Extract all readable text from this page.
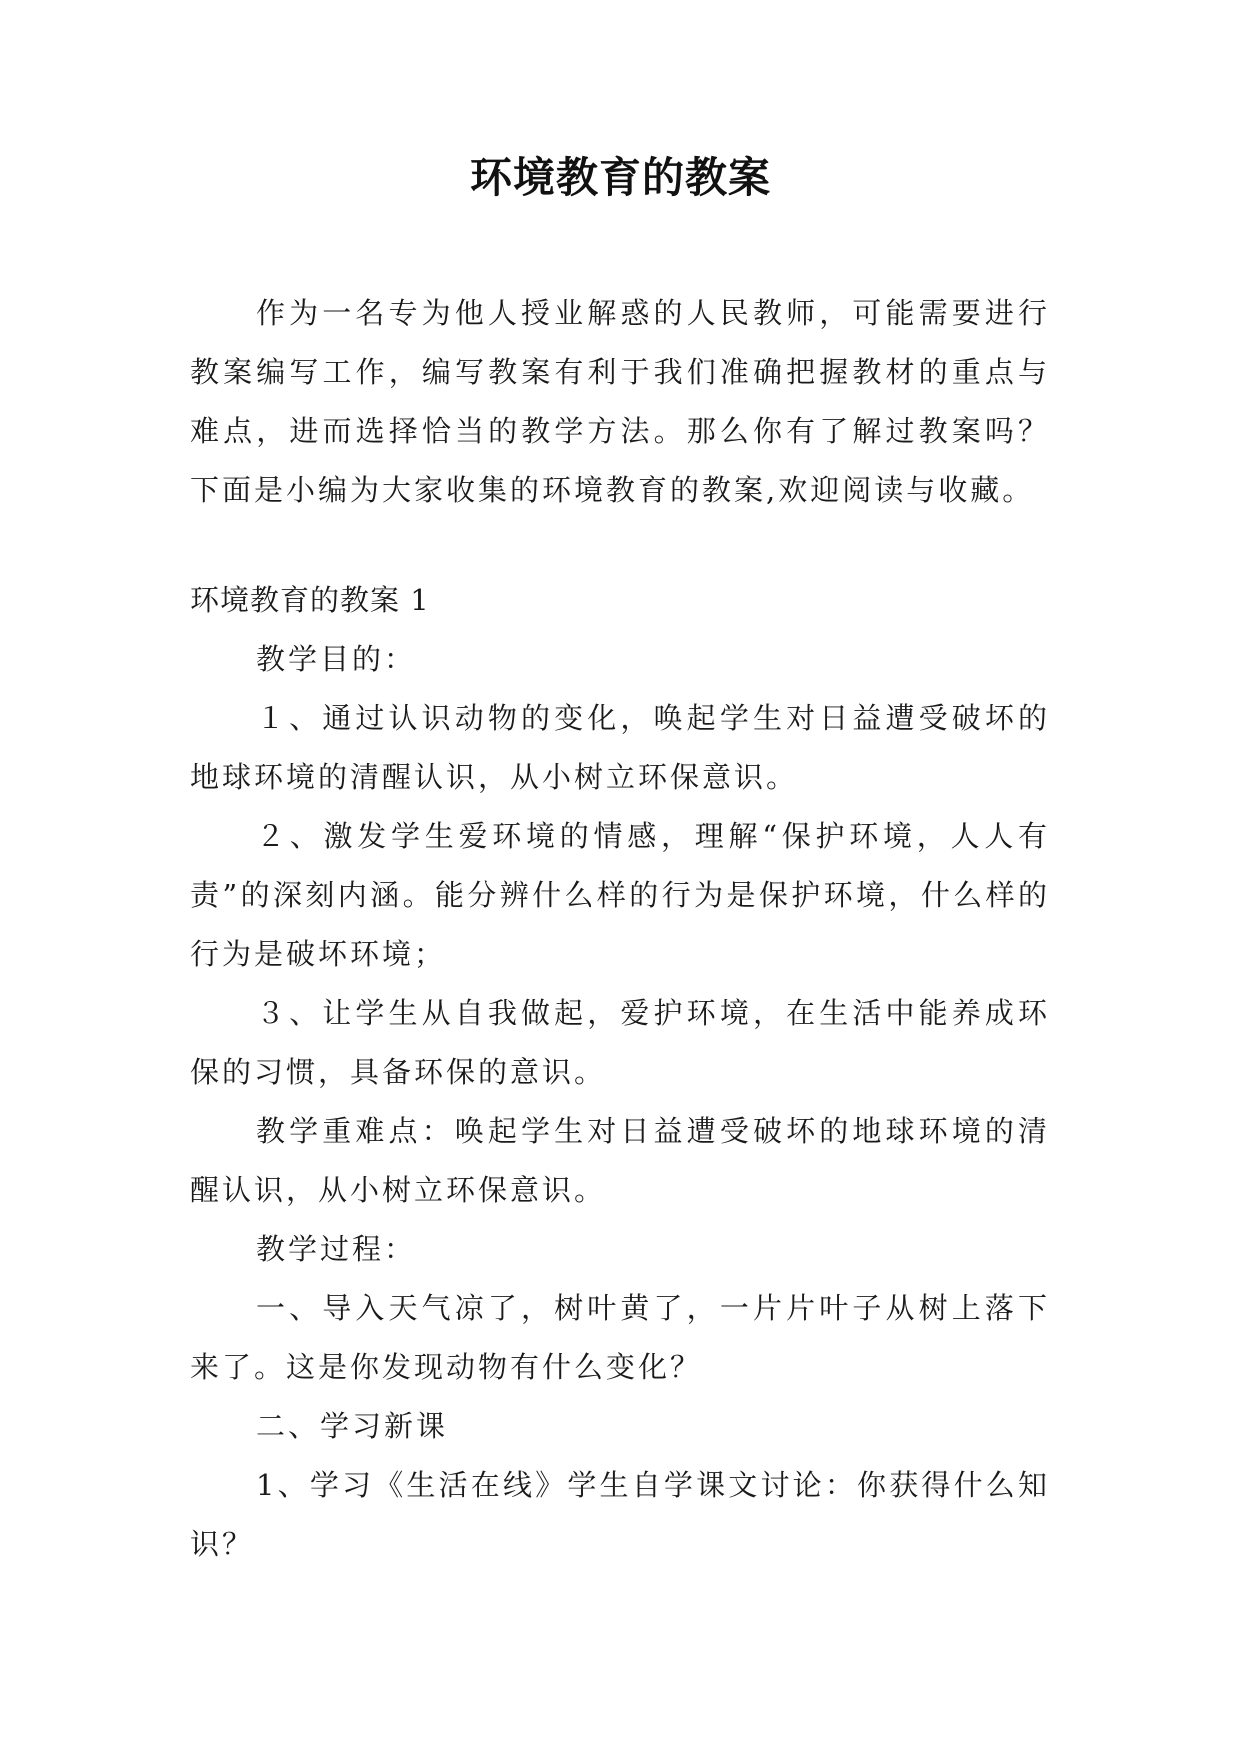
环境教育的教案

作为一名专为他人授业解惑的人民教师，可能需要进行教案编写工作，编写教案有利于我们准确把握教材的重点与难点，进而选择恰当的教学方法。那么你有了解过教案吗？下面是小编为大家收集的环境教育的教案,欢迎阅读与收藏。

环境教育的教案 1

教学目的：

１、通过认识动物的变化，唤起学生对日益遭受破坏的地球环境的清醒认识，从小树立环保意识。

２、激发学生爱环境的情感，理解“保护环境，人人有责”的深刻内涵。能分辨什么样的行为是保护环境，什么样的行为是破坏环境；

３、让学生从自我做起，爱护环境，在生活中能养成环保的习惯，具备环保的意识。

教学重难点：唤起学生对日益遭受破坏的地球环境的清醒认识，从小树立环保意识。

教学过程：

一、导入天气凉了，树叶黄了，一片片叶子从树上落下来了。这是你发现动物有什么变化？

二、学习新课

1、学习《生活在线》学生自学课文讨论：你获得什么知识？
